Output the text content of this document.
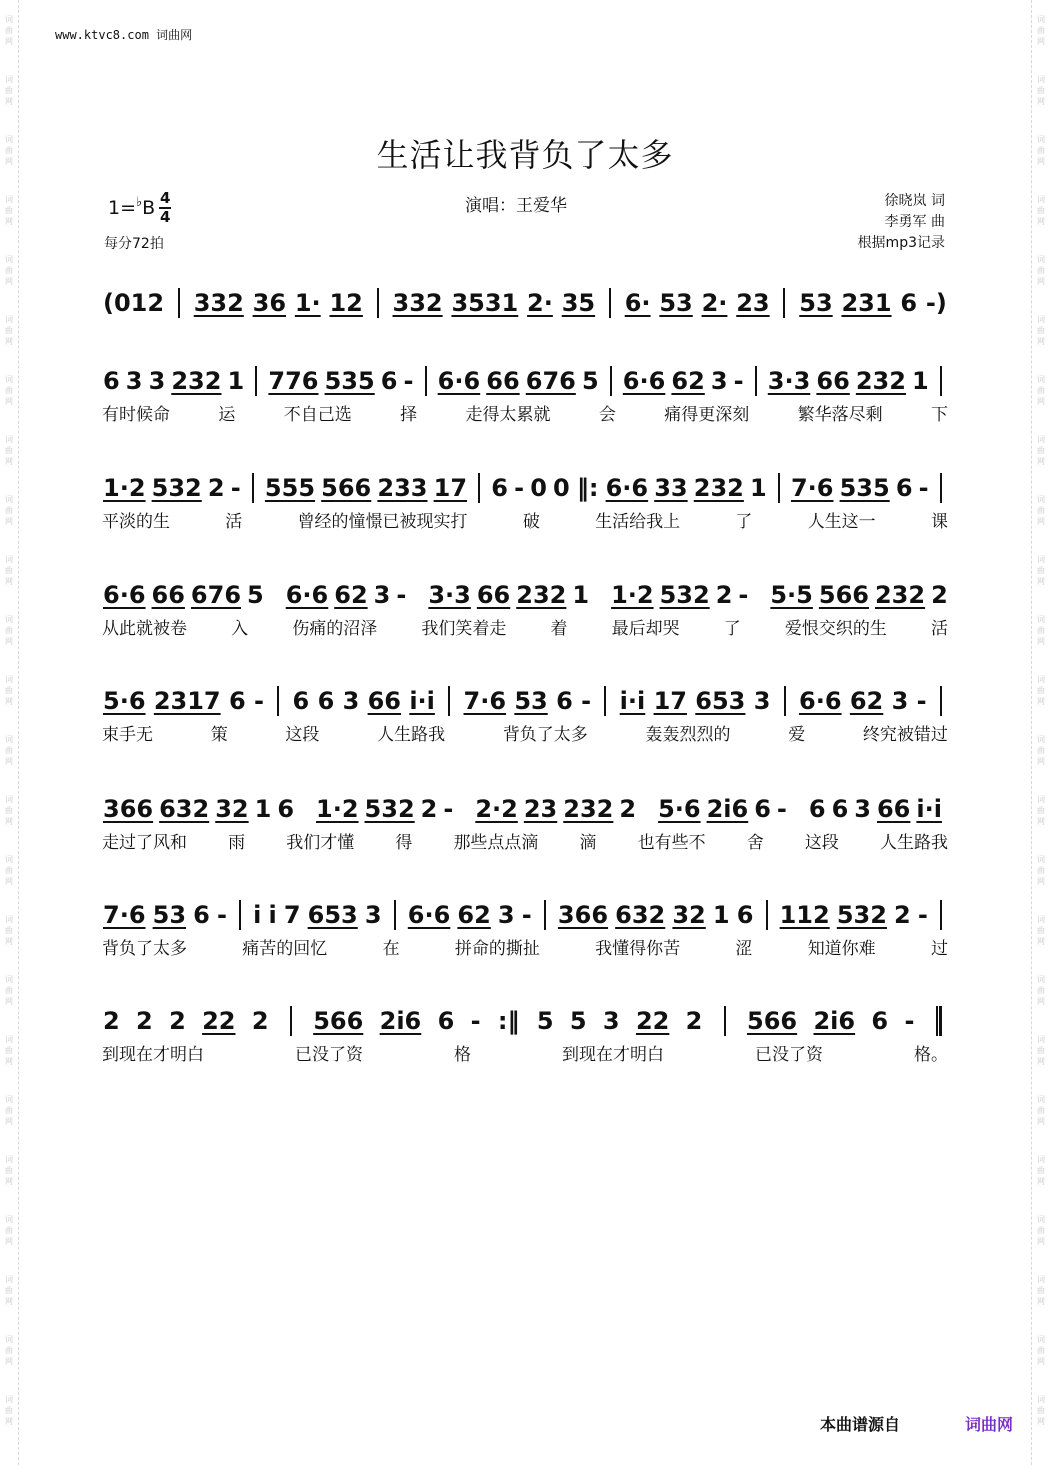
词
曲
网
词
曲
网
词
曲
网
词
曲
网
词
曲
网
词
曲
网
词
曲
网
词
曲
网
词
曲
网
词
曲
网
词
曲
网
词
曲
网
词
曲
网
词
曲
网
词
曲
网
词
曲
网
词
曲
网
词
曲
网
词
曲
网
词
曲
网
词
曲
网
词
曲
网
词
曲
网
词
曲
网
词
曲
网
词
曲
网
词
曲
网
词
曲
网
词
曲
网
词
曲
网
词
曲
网
词
曲
网
词
曲
网
词
曲
网
词
曲
网
词
曲
网
词
曲
网
词
曲
网
词
曲
网
词
曲
网
词
曲
网
词
曲
网
词
曲
网
词
曲
网
词
曲
网
词
曲
网
词
曲
网
词
曲
网
www.ktvc8.com 词曲网
生活让我背负了太多
1= ♭ B $\frac{4}{4}$
每分72拍
演唱：王爱华	徐晓岚 词
李勇军 曲
根据mp3记录
(012 332 36 1· 12 332 3531 2· 35 6· 53 2· 23 53 231 6 -)
6 3 3 232 1 776 535 6 - 6·6 66 676 5 6·6 62 3 - 3·3 66 232 1
有时候命	运	不自己选	择	走得太累就	会	痛得更深刻	繁华落尽剩	下
1·2 532 2 - 555 566 233 17 6 - 0 0 ‖: 6·6 33 232 1 7·6 535 6 -
平淡的生	活	曾经的憧憬已被现实打	破	生活给我上	了	人生这一	课
6·6 66 676 5 6·6 62 3 - 3·3 66 232 1 1·2 532 2 - 5·5 566 232 2
从此就被卷	入	伤痛的沼泽	我们笑着走	着	最后却哭	了	爱恨交织的生	活
5·6 2317 6 - 6 6 3 66 i·i 7·6 53 6 - i·i 17 653 3 6·6 62 3 -
束手无	策	这段	人生路我	背负了太多	轰轰烈烈的	爱	终究被错过
366 632 32 1 6 1·2 532 2 - 2·2 23 232 2 5·6 2i6 6 - 6 6 3 66 i·i
走过了风和 雨 我们才懂 得 那些点点滴 滴 也有些不 舍 这段 人生路我
7·6 53 6 - i i 7 653 3 6·6 62 3 - 366 632 32 1 6 112 532 2 -
背负了太多	痛苦的回忆	在	拼命的撕扯	我懂得你苦	涩	知道你难	过
2 2 2 22 2 566 2i6 6 - :‖ 5 5 3 22 2 566 2i6 6 -
到现在才明白	已没了资	格	到现在才明白	已没了资	格。
本曲谱源自	词曲网
